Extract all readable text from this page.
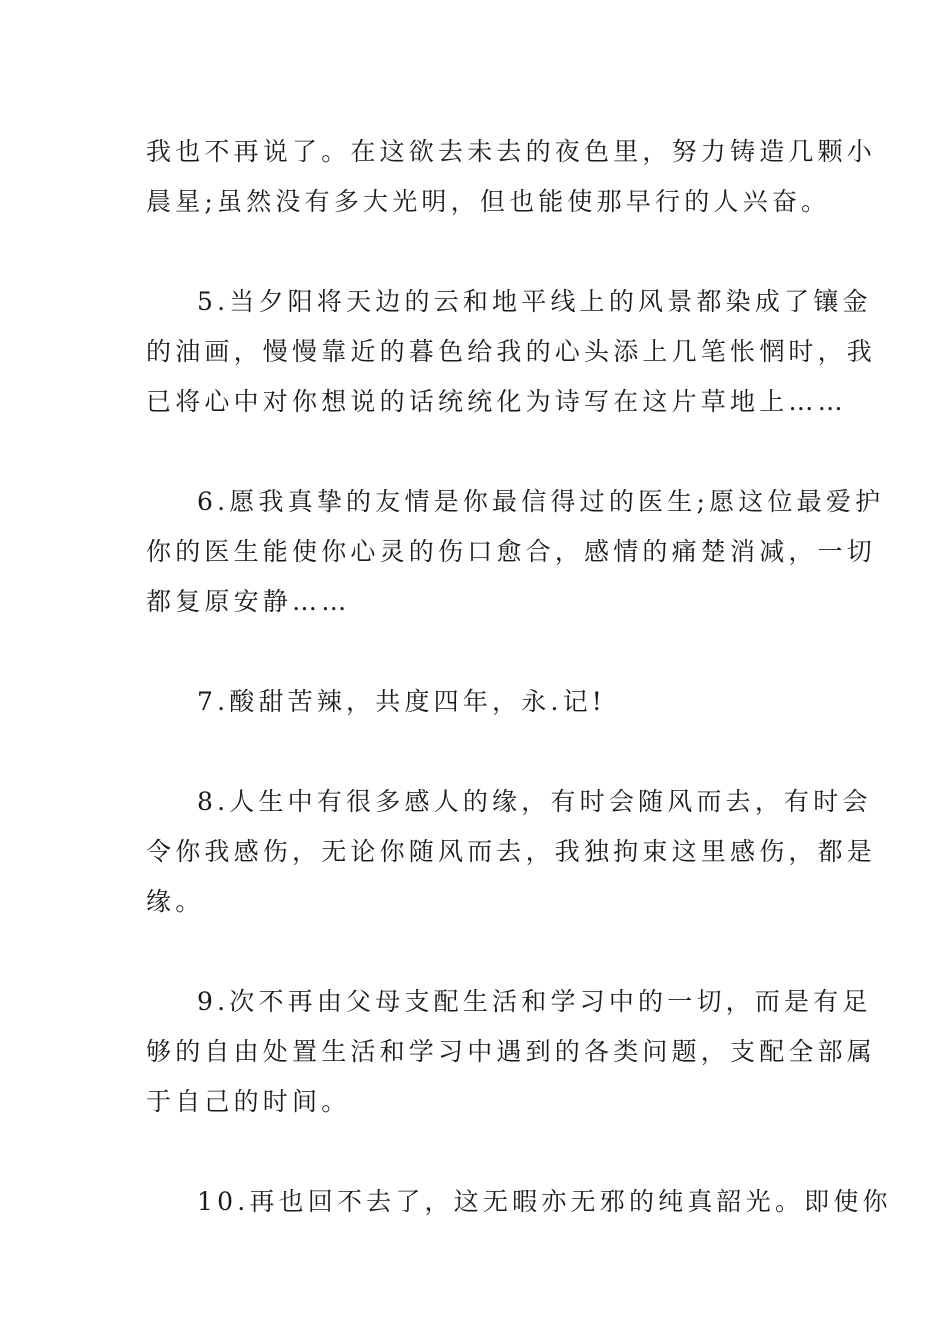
我也不再说了。在这欲去未去的夜色里，努力铸造几颗小
晨星;虽然没有多大光明，但也能使那早行的人兴奋。
5.当夕阳将天边的云和地平线上的风景都染成了镶金
的油画，慢慢靠近的暮色给我的心头添上几笔怅惘时，我
已将心中对你想说的话统统化为诗写在这片草地上……
6.愿我真挚的友情是你最信得过的医生;愿这位最爱护
你的医生能使你心灵的伤口愈合，感情的痛楚消减，一切
都复原安静……
7.酸甜苦辣，共度四年，永.记!
8.人生中有很多感人的缘，有时会随风而去，有时会
令你我感伤，无论你随风而去，我独拘束这里感伤，都是
缘。
9.次不再由父母支配生活和学习中的一切，而是有足
够的自由处置生活和学习中遇到的各类问题，支配全部属
于自己的时间。
10.再也回不去了，这无暇亦无邪的纯真韶光。即使你
